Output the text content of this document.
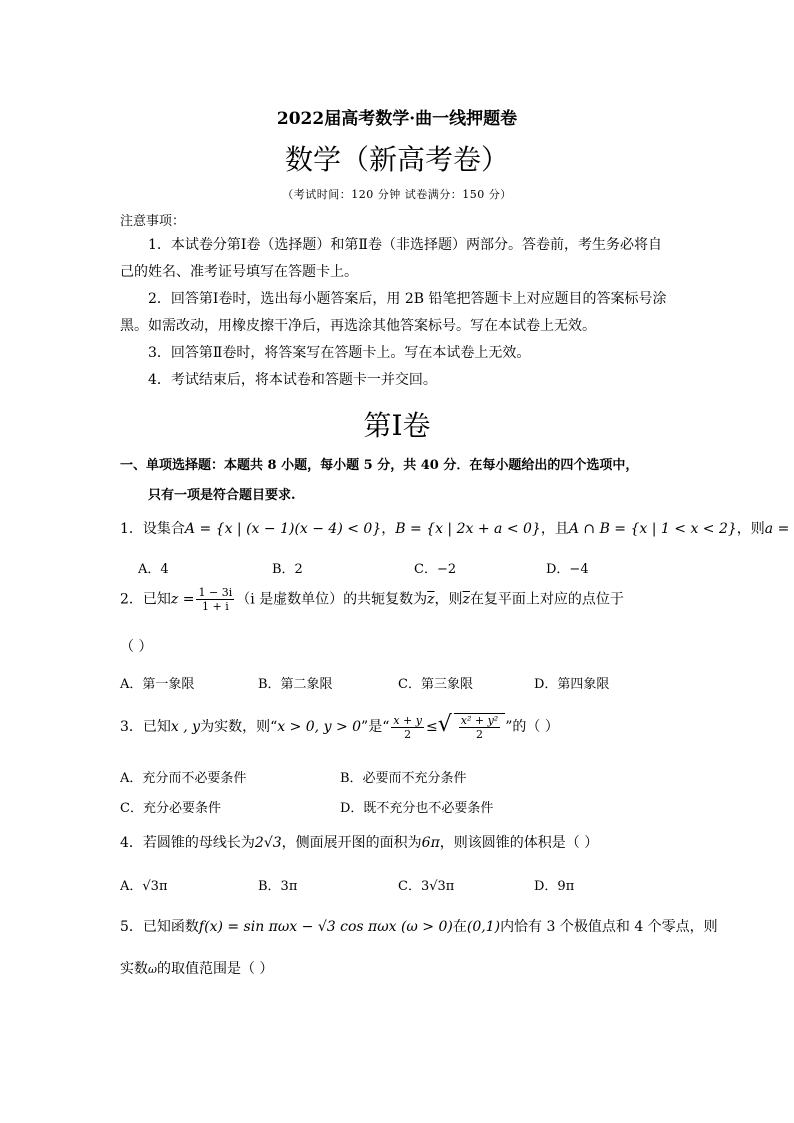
2022届高考数学·曲一线押题卷
数学（新高考卷）
（考试时间：120 分钟 试卷满分：150 分）
注意事项：
1．本试卷分第Ⅰ卷（选择题）和第Ⅱ卷（非选择题）两部分。答卷前，考生务必将自
己的姓名、准考证号填写在答题卡上。
2．回答第Ⅰ卷时，选出每小题答案后，用 2B 铅笔把答题卡上对应题目的答案标号涂
黑。如需改动，用橡皮擦干净后，再选涂其他答案标号。写在本试卷上无效。
3．回答第Ⅱ卷时，将答案写在答题卡上。写在本试卷上无效。
4．考试结束后，将本试卷和答题卡一并交回。
第Ⅰ卷
一、单项选择题：本题共 8 小题，每小题 5 分，共 40 分．在每小题给出的四个选项中，
只有一项是符合题目要求.
1．设集合A = {x | (x − 1)(x − 4) < 0}，B = {x | 2x + a < 0}，且A ∩ B = {x | 1 < x < 2}，则a =
A．4	B．2	C．−2	D．−4
2．已知$z = \frac{1 - 3i}{1 + i} (i$ 是虚数单位）的共轭复数为$\overline{z}$，则$\overline{z}$在复平面上对应的点位于
（ ）
A．第一象限	B．第二象限	C．第三象限	D．第四象限
3．已知x , y为实数，则“x > 0, y > 0”是“ $\frac{x + y}{2}$ ≤√ $\frac{\text{x² + y²}}{2}$ ”的（ ）
A．充分而不必要条件	B．必要而不充分条件
C．充分必要条件	D．既不充分也不必要条件
4．若圆锥的母线长为2√3，侧面展开图的面积为6π，则该圆锥的体积是（ ）
A．√3π	B．3π	C．3√3π	D．9π
5．已知函数f(x) = sin πωx − √3 cos πωx (ω > 0)在(0,1)内恰有 3 个极值点和 4 个零点，则
实数ω的取值范围是（ ）
